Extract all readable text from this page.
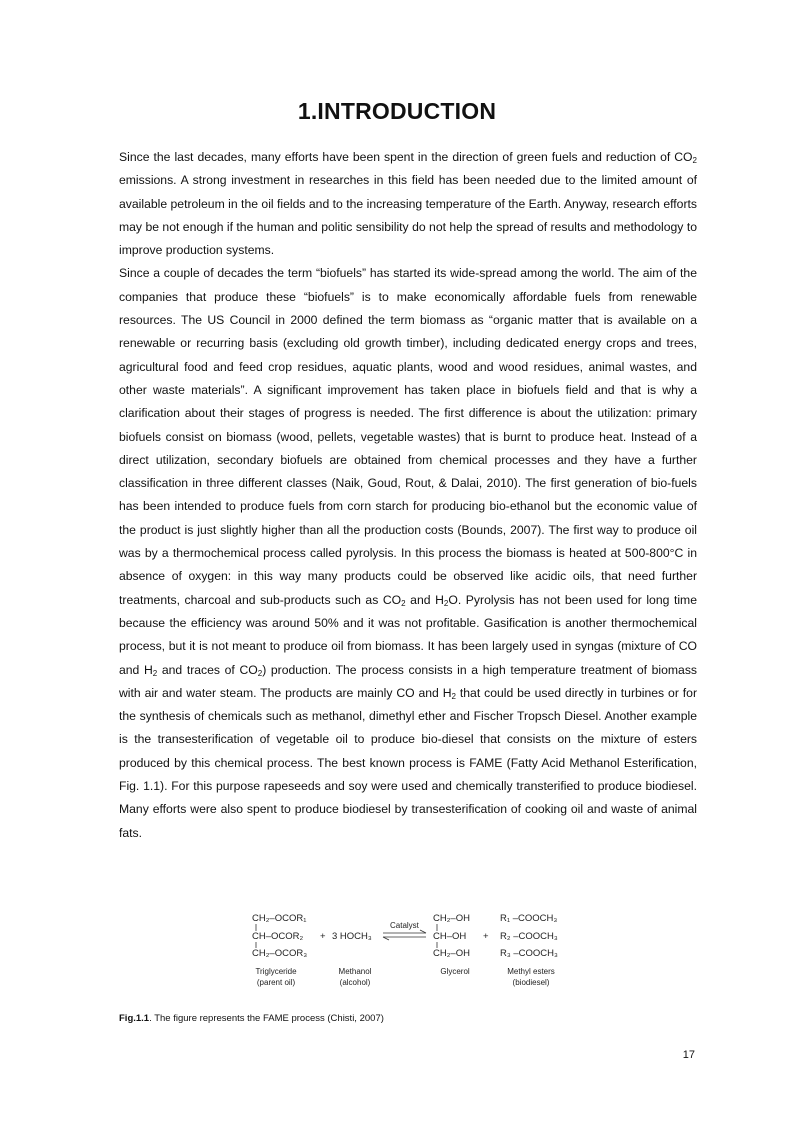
1.INTRODUCTION

Since the last decades, many efforts have been spent in the direction of green fuels and reduction of $CO_2$ emissions. A strong investment in researches in this field has been needed due to the limited amount of available petroleum in the oil fields and to the increasing temperature of the Earth. Anyway, research efforts may be not enough if the human and politic sensibility do not help the spread of results and methodology to improve production systems.

Since a couple of decades the term “biofuels” has started its wide-spread among the world. The aim of the companies that produce these “biofuels” is to make economically affordable fuels from renewable resources. The US Council in 2000 defined the term biomass as “organic matter that is available on a renewable or recurring basis (excluding old growth timber), including dedicated energy crops and trees, agricultural food and feed crop residues, aquatic plants, wood and wood residues, animal wastes, and other waste materials”. A significant improvement has taken place in biofuels field and that is why a clarification about their stages of progress is needed. The first difference is about the utilization: primary biofuels consist on biomass (wood, pellets, vegetable wastes) that is burnt to produce heat. Instead of a direct utilization, secondary biofuels are obtained from chemical processes and they have a further classification in three different classes (Naik, Goud, Rout, & Dalai, 2010). The first generation of bio-fuels has been intended to produce fuels from corn starch for producing bio-ethanol but the economic value of the product is just slightly higher than all the production costs (Bounds, 2007). The first way to produce oil was by a thermochemical process called pyrolysis. In this process the biomass is heated at 500-800°C in absence of oxygen: in this way many products could be observed like acidic oils, that need further treatments, charcoal and sub-products such as $CO_2$ and $H_2O$. Pyrolysis has not been used for long time because the efficiency was around 50% and it was not profitable. Gasification is another thermochemical process, but it is not meant to produce oil from biomass. It has been largely used in syngas (mixture of CO and $H_2$ and traces of $CO_2$) production. The process consists in a high temperature treatment of biomass with air and water steam. The products are mainly CO and $H_2$ that could be used directly in turbines or for the synthesis of chemicals such as methanol, dimethyl ether and Fischer Tropsch Diesel. Another example is the transesterification of vegetable oil to produce bio-diesel that consists on the mixture of esters produced by this chemical process. The best known process is FAME (Fatty Acid Methanol Esterification, Fig. 1.1). For this purpose rapeseeds and soy were used and chemically transterified to produce biodiesel. Many efforts were also spent to produce biodiesel by transesterification of cooking oil and waste of animal fats.

CH₂–OCOR₁
CH–OCOR₂
CH₂–OCOR₃
+ 3 HOCH₃
Catalyst
CH₂–OH
CH–OH
CH₂–OH
+
R₁ –COOCH₃
R₂ –COOCH₃
R₃ –COOCH₃
Triglyceride
(parent oil)
Methanol
(alcohol)
Glycerol	Methyl esters
(biodiesel)
Fig.1.1. The figure represents the FAME process (Chisti, 2007)
17
